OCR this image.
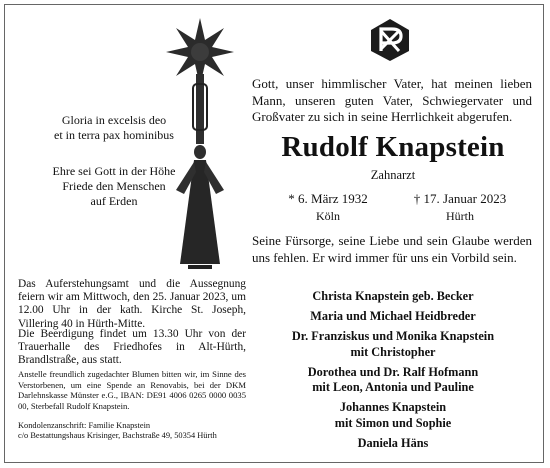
Gloria in excelsis deo
et in terra pax hominibus
Ehre sei Gott in der Höhe
Friede den Menschen
auf Erden
Das Auferstehungsamt und die Aussegnung feiern wir am Mittwoch, den 25. Januar 2023, um 12.00 Uhr in der kath. Kirche St. Joseph, Villering 40 in Hürth-Mitte.
Die Beerdigung findet um 13.30 Uhr von der Trauerhalle des Friedhofes in Alt-Hürth, Brandlstraße, aus statt.
Anstelle freundlich zugedachter Blumen bitten wir, im Sinne des Verstorbenen, um eine Spende an Renovabis, bei der DKM Darlehnskasse Münster e.G., IBAN: DE91 4006 0265 0000 0035 00, Sterbefall Rudolf Knapstein.
Kondolenzanschrift: Familie Knapstein
c/o Bestattungshaus Krisinger, Bachstraße 49, 50354 Hürth
Gott, unser himmlischer Vater, hat meinen lieben Mann, unseren guten Vater, Schwiegervater und Großvater zu sich in seine Herrlichkeit abgerufen.
Rudolf Knapstein
Zahnarzt
* 6. März 1932
Köln
† 17. Januar 2023
Hürth
Seine Fürsorge, seine Liebe und sein Glaube werden uns fehlen. Er wird immer für uns ein Vorbild sein.
Christa Knapstein geb. Becker
Maria und Michael Heidbreder
Dr. Franziskus und Monika Knapstein
mit Christopher
Dorothea und Dr. Ralf Hofmann
mit Leon, Antonia und Pauline
Johannes Knapstein
mit Simon und Sophie
Daniela Häns
